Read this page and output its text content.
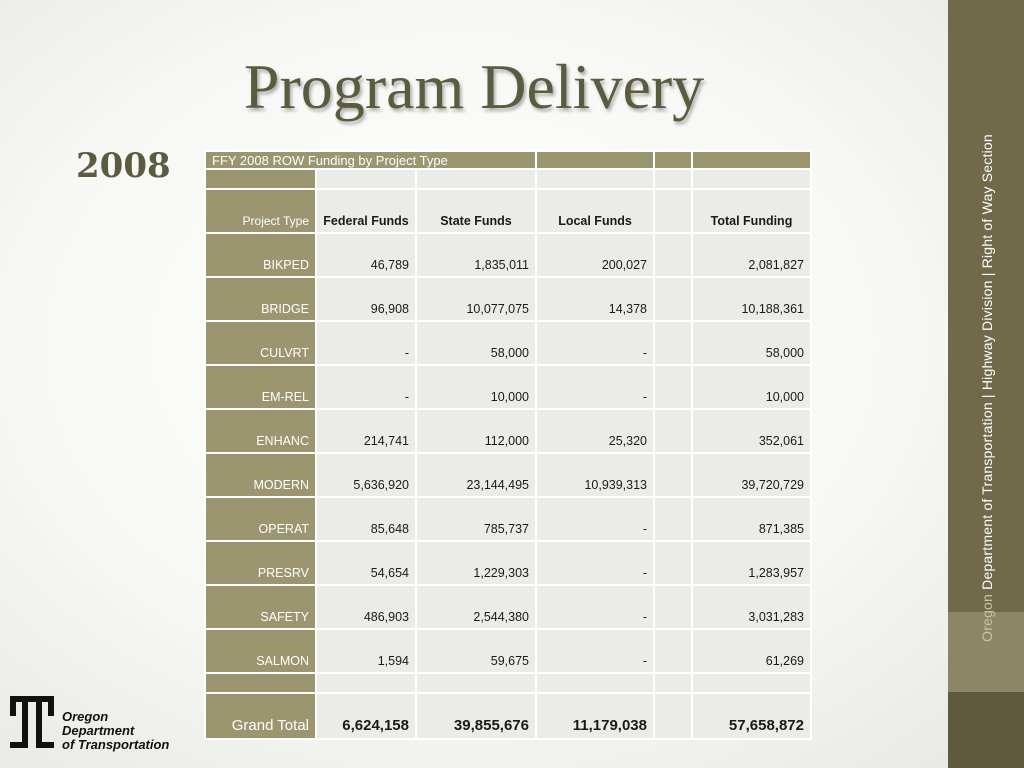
Program Delivery
2008
Oregon Department of Transportation | Highway Division | Right of Way Section
FFY 2008 ROW Funding by Project Type					

Project Type	Federal Funds	State Funds	Local Funds		Total Funding
BIKPED	46,789	1,835,011	200,027		2,081,827
BRIDGE	96,908	10,077,075	14,378		10,188,361
CULVRT	-	58,000	-		58,000
EM-REL	-	10,000	-		10,000
ENHANC	214,741	112,000	25,320		352,061
MODERN	5,636,920	23,144,495	10,939,313		39,720,729
OPERAT	85,648	785,737	-		871,385
PRESRV	54,654	1,229,303	-		1,283,957
SAFETY	486,903	2,544,380	-		3,031,283
SALMON	1,594	59,675	-		61,269

Grand Total	6,624,158	39,855,676	11,179,038		57,658,872
Oregon
Department
of Transportation
